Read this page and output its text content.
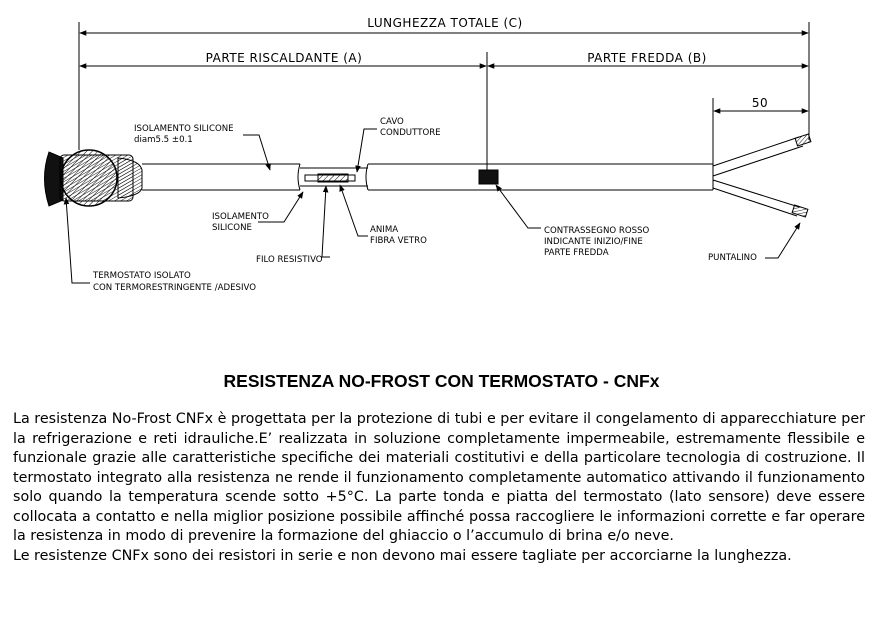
LUNGHEZZA TOTALE (C)
PARTE RISCALDANTE (A)	PARTE FREDDA (B)
50
ISOLAMENTO SILICONE diam5.5 ±0.1
CAVO CONDUTTORE
ISOLAMENTO SILICONE	ANIMA FIBRA VETRO
FILO RESISTIVO
CONTRASSEGNO ROSSO INDICANTE INIZIO/FINE PARTE FREDDA	PUNTALINO
TERMOSTATO ISOLATO CON TERMORESTRINGENTE /ADESIVO
RESISTENZA NO-FROST CON TERMOSTATO - CNFx

La resistenza No-Frost CNFx è progettata per la protezione di tubi e per evitare il congelamento di apparecchiature per la refrigerazione e reti idrauliche.E’ realizzata in soluzione completamente impermeabile, estremamente flessibile e funzionale grazie alle caratteristiche specifiche dei materiali costitutivi e della particolare tecnologia di costruzione. Il termostato integrato alla resistenza ne rende il funzionamento completamente automatico attivando il funzionamento solo quando la temperatura scende sotto +5°C. La parte tonda e piatta del termostato (lato sensore) deve essere collocata a contatto e nella miglior posizione possibile affinché possa raccogliere le informazioni corrette e far operare la resistenza in modo di prevenire la formazione del ghiaccio o l’accumulo di brina e/o neve.

Le resistenze CNFx sono dei resistori in serie e non devono mai essere tagliate per accorciarne la lunghezza.
